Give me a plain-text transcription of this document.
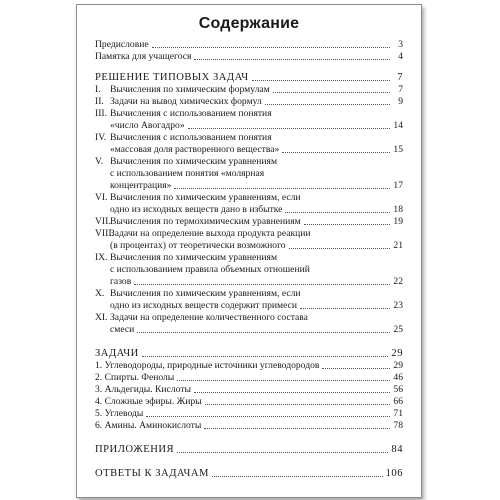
Содержание
Предисловие	3
Памятка для учащегося	4
РЕШЕНИЕ ТИПОВЫХ ЗАДАЧ	7
I. Вычисления по химическим формулам	7
II. Задачи на вывод химических формул	9
III. Вычисления с использованием понятия
«число Авогадро»	14
IV. Вычисления с использованием понятия
«массовая доля растворенного вещества»	15
V. Вычисления по химическим уравнениям
с использованием понятия «молярная
концентрация»	17
VI. Вычисления по химическим уравнениям, если
одно из исходных веществ дано в избытке	18
VII. Вычисления по термохимическим уравнениям	19
VIII.
Задачи на определение выхода продукта реакции
(в процентах) от теоретически возможного	21
IX. Вычисления по химическим уравнениям
с использованием правила объемных отношений
газов	22
X. Вычисления по химическим уравнениям, если
одно из исходных веществ содержит примеси	23
XI. Задачи на определение количественного состава
смеси	25
ЗАДАЧИ	29
1. Углеводороды, природные источники углеводородов	29
2. Спирты. Фенолы	46
3. Альдегиды. Кислоты	56
4. Сложные эфиры. Жиры	66
5. Углеводы	71
6. Амины. Аминокислоты	78
ПРИЛОЖЕНИЯ	84
ОТВЕТЫ К ЗАДАЧАМ	106
